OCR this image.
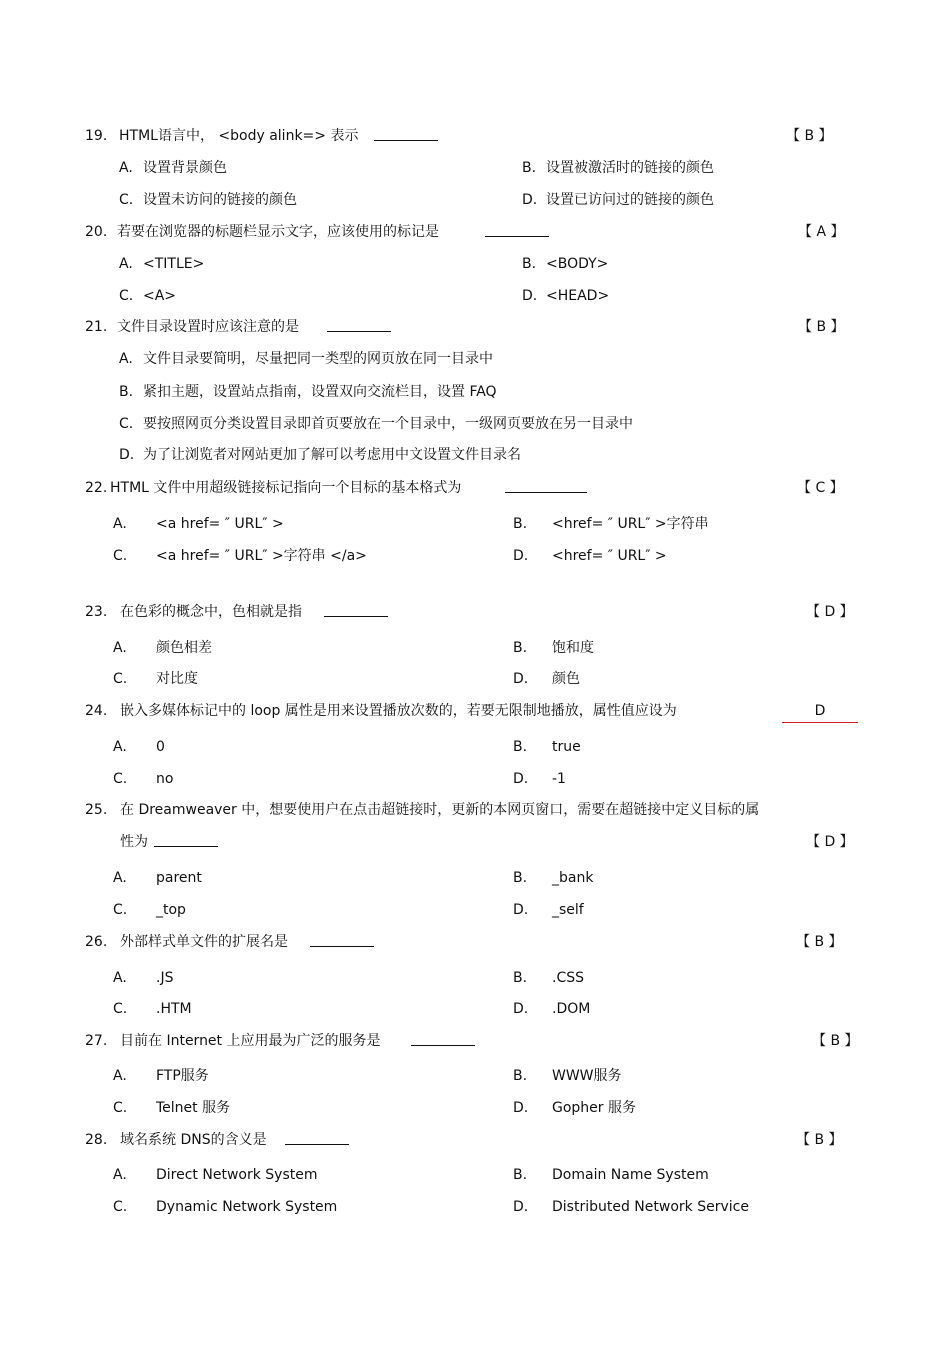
19. HTML语言中， <body alink=> 表示	【 B 】
A. 设置背景颜色	B. 设置被激活时的链接的颜色
C. 设置未访问的链接的颜色	D. 设置已访问过的链接的颜色
20. 若要在浏览器的标题栏显示文字，应该使用的标记是	【 A 】
A. <TITLE>	B. <BODY>
C. <A>	D. <HEAD>
21. 文件目录设置时应该注意的是	【 B 】
A. 文件目录要简明，尽量把同一类型的网页放在同一目录中
B. 紧扣主题，设置站点指南，设置双向交流栏目，设置 FAQ
C. 要按照网页分类设置目录即首页要放在一个目录中，一级网页要放在另一目录中
D. 为了让浏览者对网站更加了解可以考虑用中文设置文件目录名
22. HTML 文件中用超级链接标记指向一个目标的基本格式为	【 C 】
A. <a href= ″ URL″ >	B. <href= ″ URL″ >字符串
C. <a href= ″ URL″ >字符串 </a>	D. <href= ″ URL″ >
23. 在色彩的概念中，色相就是指	【 D 】
A. 颜色相差	B. 饱和度
C. 对比度	D. 颜色
24. 嵌入多媒体标记中的 loop 属性是用来设置播放次数的，若要无限制地播放，属性值应设为	D
A. 0	B. true
C. no	D. -1
25. 在 Dreamweaver 中，想要使用户在点击超链接时，更新的本网页窗口，需要在超链接中定义目标的属
性为	【 D 】
A. parent	B. _bank
C. _top	D. _self
26. 外部样式单文件的扩展名是	【 B 】
A. .JS	B. .CSS
C. .HTM	D. .DOM
27. 目前在 Internet 上应用最为广泛的服务是	【 B 】
A. FTP服务	B. WWW服务
C. Telnet 服务	D. Gopher 服务
28. 域名系统 DNS的含义是	【 B 】
A. Direct Network System	B. Domain Name System
C. Dynamic Network System	D. Distributed Network Service
